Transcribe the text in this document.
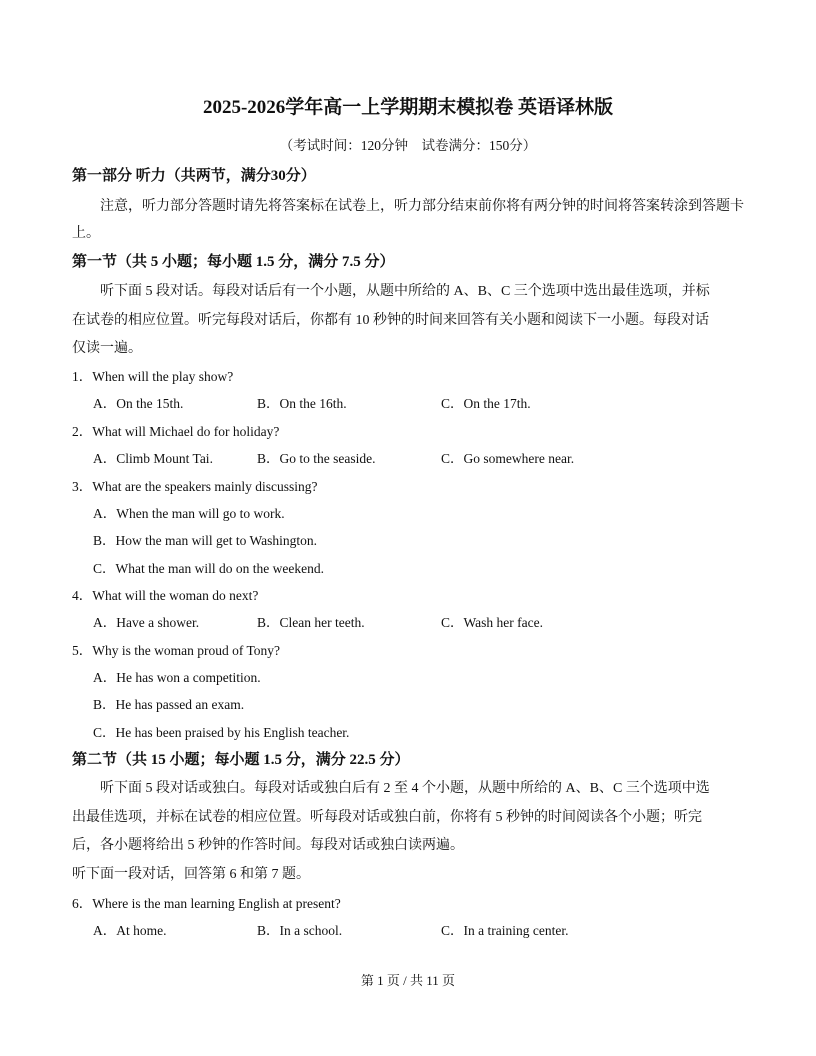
2025-2026学年高一上学期期末模拟卷 英语译林版
（考试时间：120分钟　试卷满分：150分）
第一部分 听力（共两节，满分30分）
注意，听力部分答题时请先将答案标在试卷上，听力部分结束前你将有两分钟的时间将答案转涂到答题卡
上。
第一节（共 5 小题；每小题 1.5 分，满分 7.5 分）
听下面 5 段对话。每段对话后有一个小题，从题中所给的 A、B、C 三个选项中选出最佳选项，并标
在试卷的相应位置。听完每段对话后，你都有 10 秒钟的时间来回答有关小题和阅读下一小题。每段对话
仅读一遍。
第二节（共 15 小题；每小题 1.5 分，满分 22.5 分）
听下面 5 段对话或独白。每段对话或独白后有 2 至 4 个小题，从题中所给的 A、B、C 三个选项中选
出最佳选项，并标在试卷的相应位置。听每段对话或独白前，你将有 5 秒钟的时间阅读各个小题；听完
后，各小题将给出 5 秒钟的作答时间。每段对话或独白读两遍。
听下面一段对话，回答第 6 和第 7 题。
第 1 页 / 共 11 页
1．When will the play show?
A．On the 15th.	B．On the 16th.	C．On the 17th.
2．What will Michael do for holiday?
A．Climb Mount Tai.	B．Go to the seaside.	C．Go somewhere near.
3．What are the speakers mainly discussing?
A．When the man will go to work.
B．How the man will get to Washington.
C．What the man will do on the weekend.
4．What will the woman do next?
A．Have a shower.	B．Clean her teeth.	C．Wash her face.
5．Why is the woman proud of Tony?
A．He has won a competition.
B．He has passed an exam.
C．He has been praised by his English teacher.
6．Where is the man learning English at present?
A．At home.	B．In a school.	C．In a training center.
